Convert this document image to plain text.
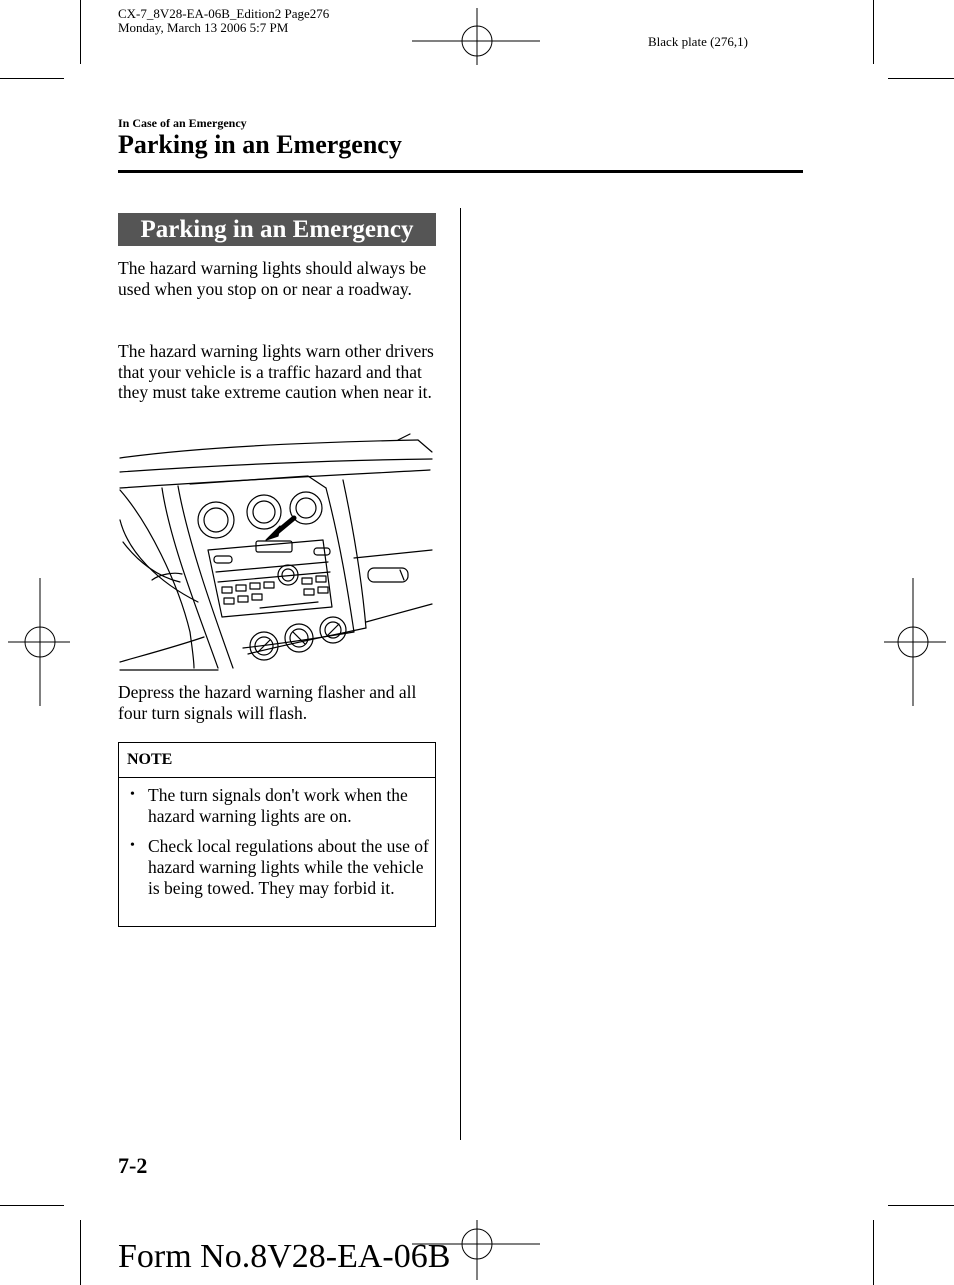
CX-7_8V28-EA-06B_Edition2 Page276
Monday, March 13 2006 5:7 PM
Black plate (276,1)
In Case of an Emergency
Parking in an Emergency
Parking in an Emergency
The hazard warning lights should always be used when you stop on or near a roadway.
The hazard warning lights warn other drivers that your vehicle is a traffic hazard and that they must take extreme caution when near it.
Depress the hazard warning flasher and all four turn signals will flash.
NOTE
• The turn signals don't work when the hazard warning lights are on.
• Check local regulations about the use of hazard warning lights while the vehicle is being towed. They may forbid it.
7-2
Form No.8V28-EA-06B
